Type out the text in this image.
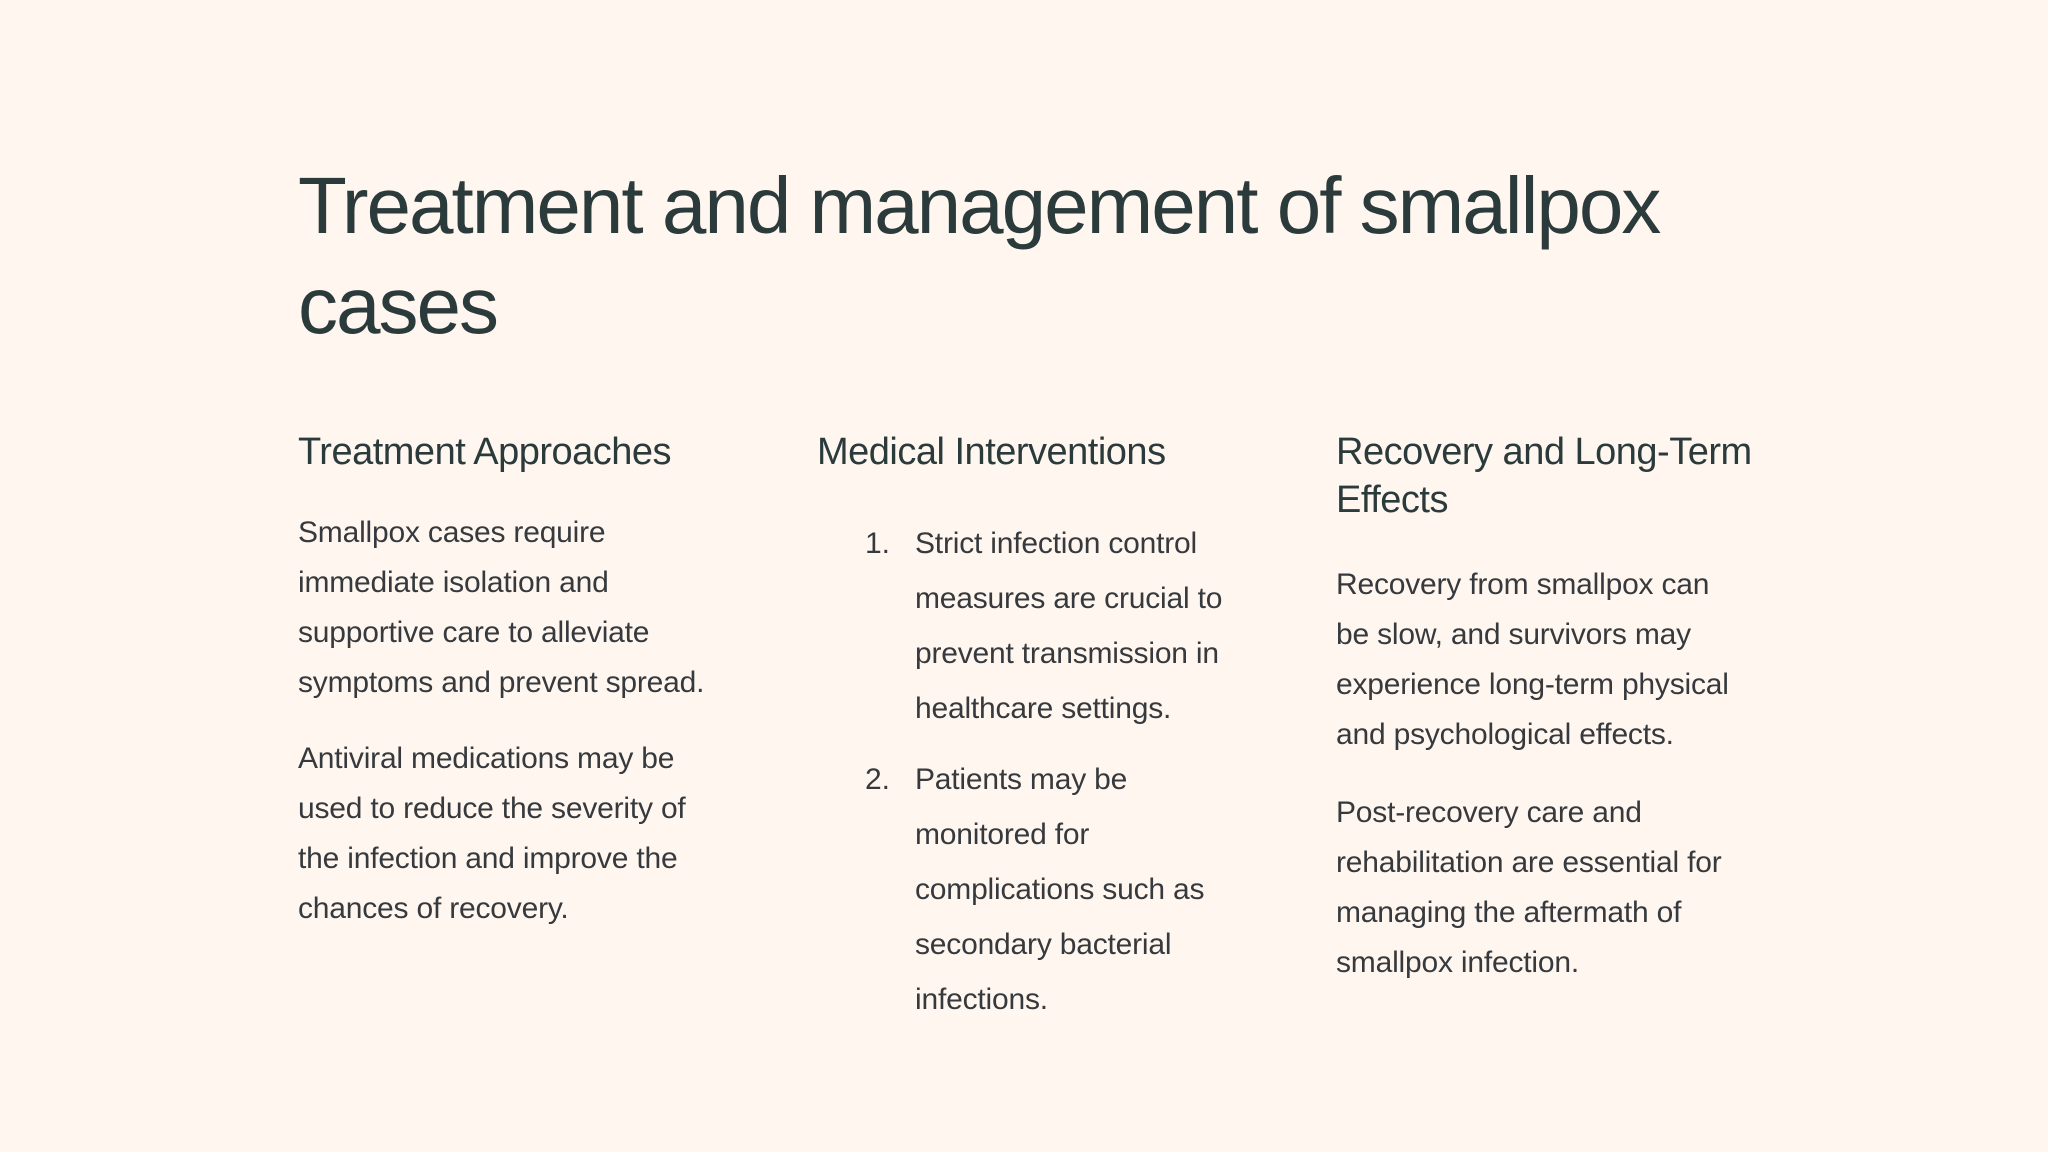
Treatment and management of smallpox cases
Treatment Approaches

Smallpox cases require immediate isolation and supportive care to alleviate symptoms and prevent spread.

Antiviral medications may be used to reduce the severity of the infection and improve the chances of recovery.

Medical Interventions
1. Strict infection control measures are crucial to prevent transmission in healthcare settings.
2. Patients may be monitored for complications such as secondary bacterial infections.
Recovery and Long-Term Effects

Recovery from smallpox can be slow, and survivors may experience long-term physical and psychological effects.

Post-recovery care and rehabilitation are essential for managing the aftermath of smallpox infection.
